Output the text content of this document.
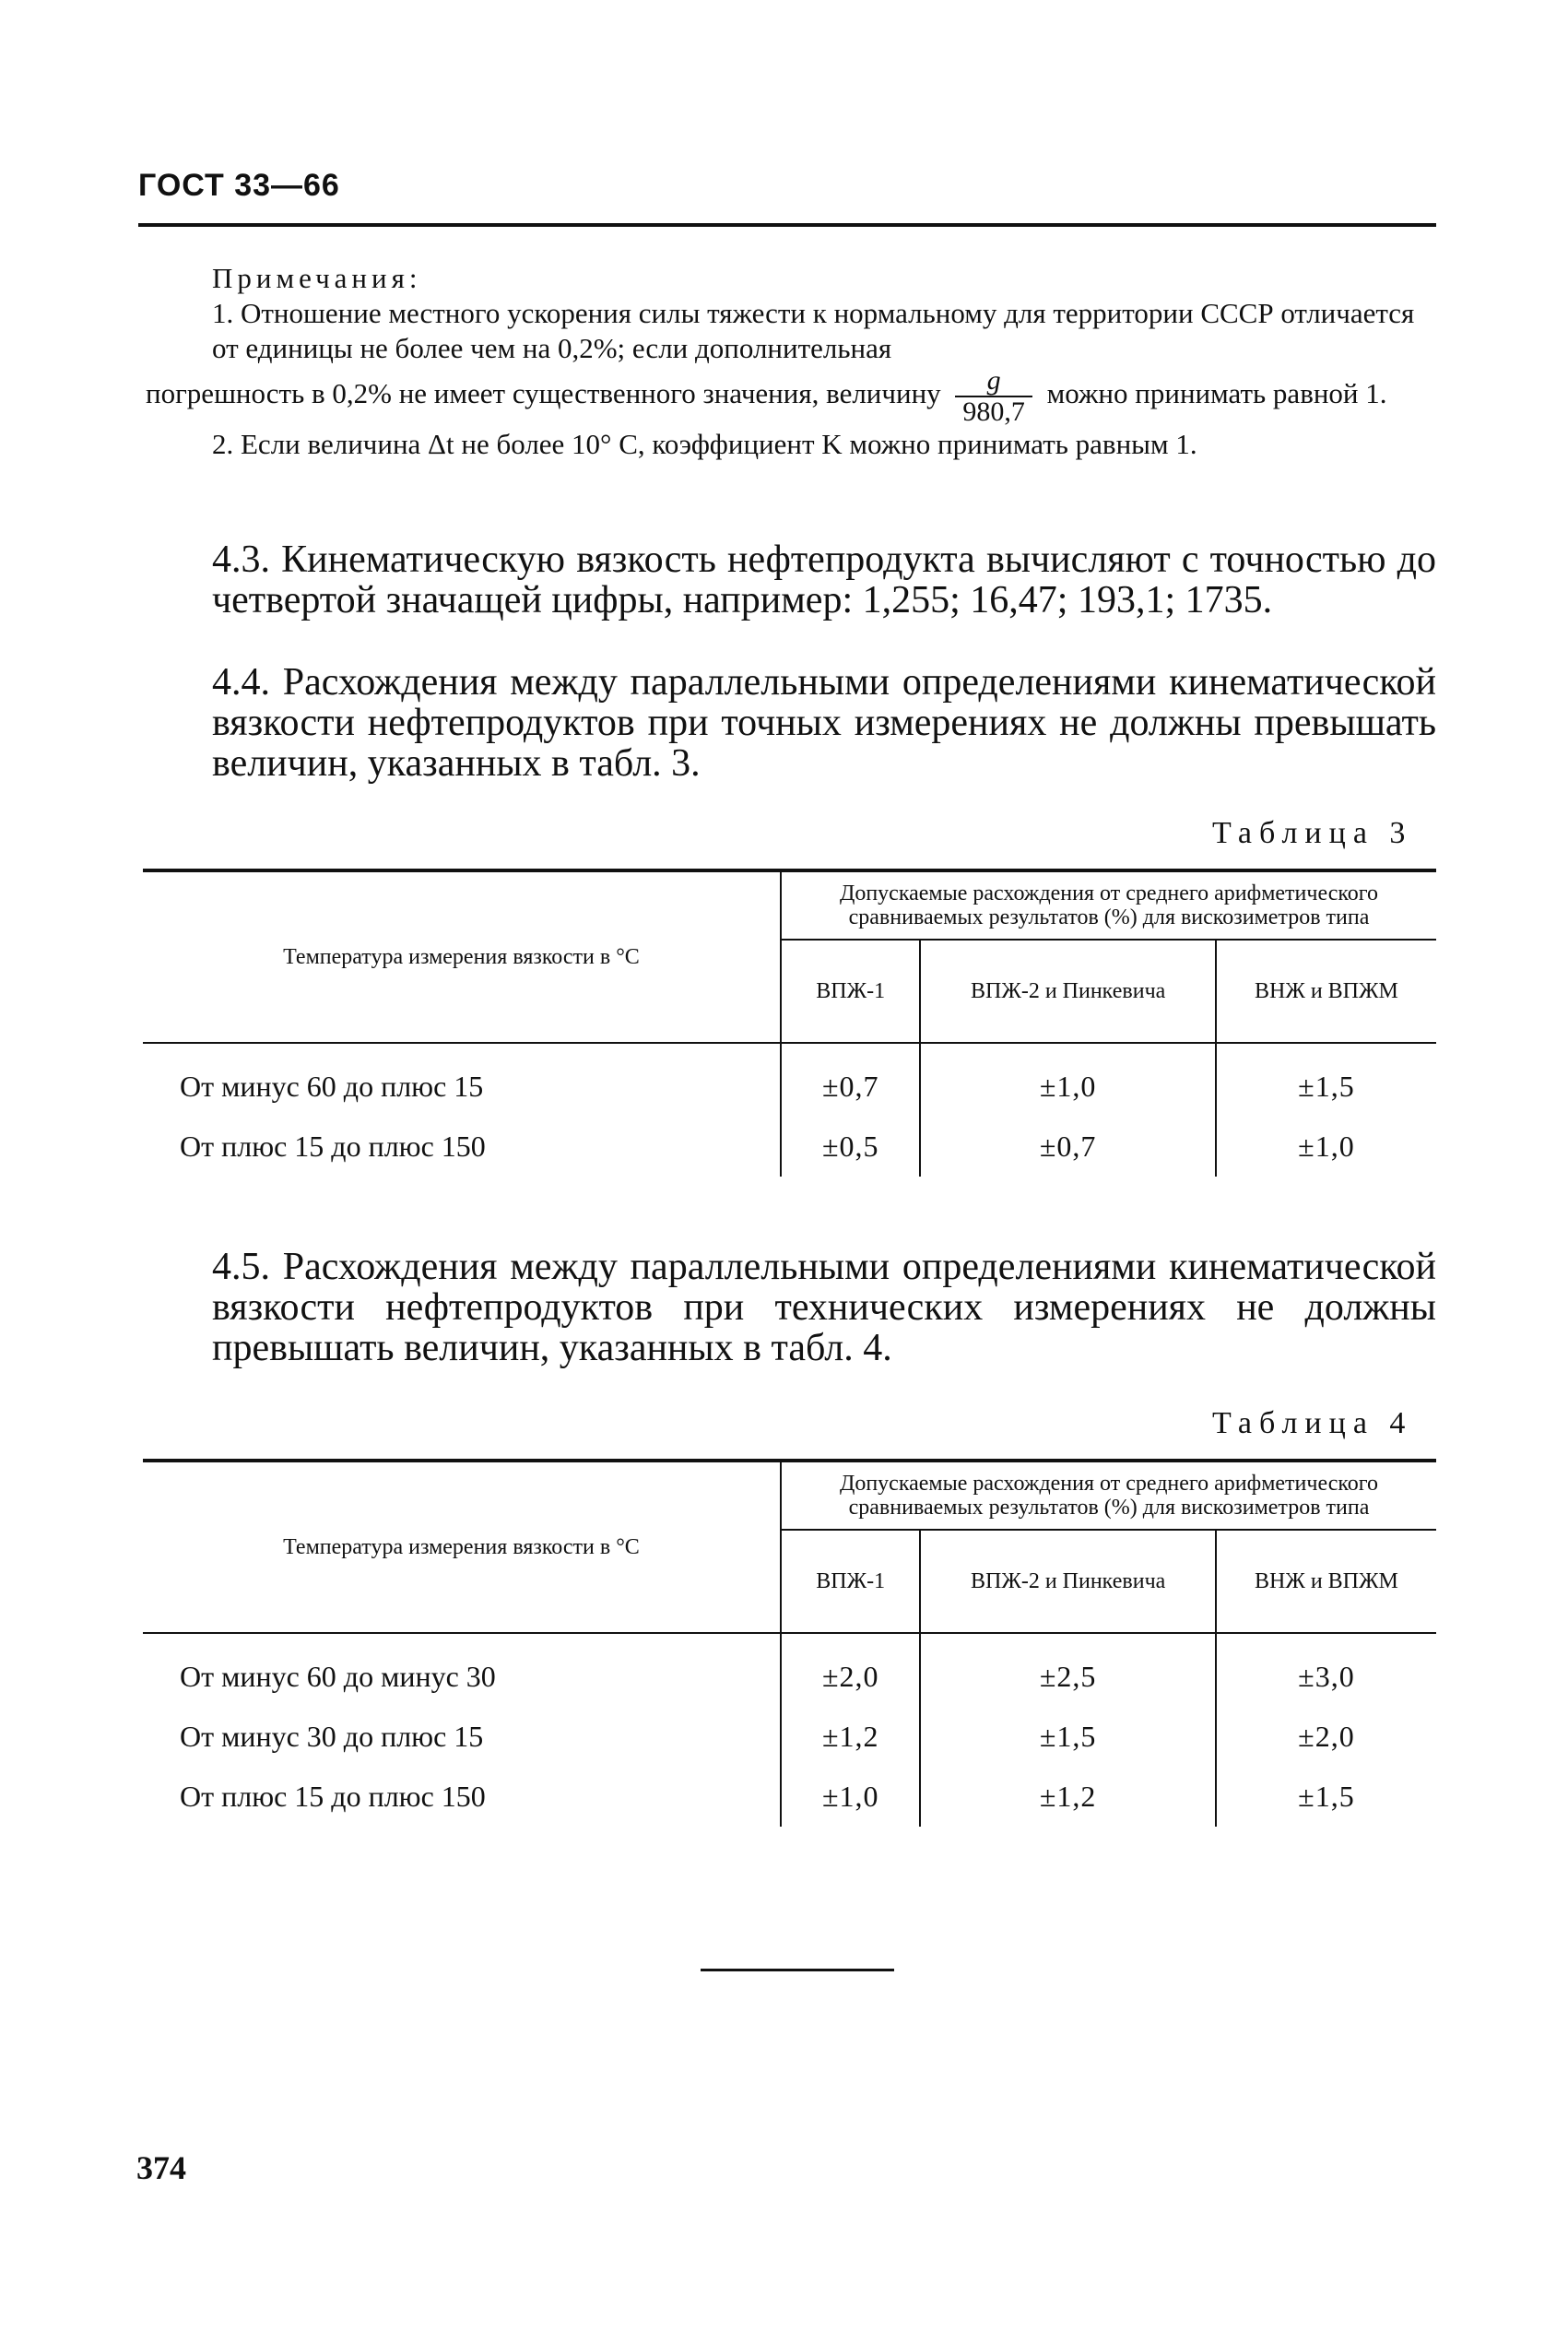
ГОСТ 33—66

Примечания:

1. Отношение местного ускорения силы тяжести к нормальному для территории СССР отличается от единицы не более чем на 0,2%; если дополнительная

погрешность в 0,2% не имеет существенного значения, величину $\frac{g}{980,7}$ можно принимать равной 1.

2. Если величина Δt не более 10° С, коэффициент K можно принимать равным 1.

4.3. Кинематическую вязкость нефтепродукта вычисляют с точностью до четвертой значащей цифры, например: 1,255; 16,47; 193,1; 1735.

4.4. Расхождения между параллельными определениями кинематической вязкости нефтепродуктов при точных измерениях не должны превышать величин, указанных в табл. 3.

Таблица 3
Температура измерения вязкости в °С	Допускаемые расхождения от среднего арифметического сравниваемых результатов (%) для вискозиметров типа		
	ВПЖ-1	ВПЖ-2 и Пинкевича	ВНЖ и ВПЖМ
От минус 60 до плюс 15	±0,7	±1,0	±1,5
От плюс 15 до плюс 150	±0,5	±0,7	±1,0

4.5. Расхождения между параллельными определениями кинематической вязкости нефтепродуктов при технических измерениях не должны превышать величин, указанных в табл. 4.

Таблица 4
Температура измерения вязкости в °С	Допускаемые расхождения от среднего арифметического сравниваемых результатов (%) для вискозиметров типа		
	ВПЖ-1	ВПЖ-2 и Пинкевича	ВНЖ и ВПЖМ
От минус 60 до минус 30	±2,0	±2,5	±3,0
От минус 30 до плюс 15	±1,2	±1,5	±2,0
От плюс 15 до плюс 150	±1,0	±1,2	±1,5
374
